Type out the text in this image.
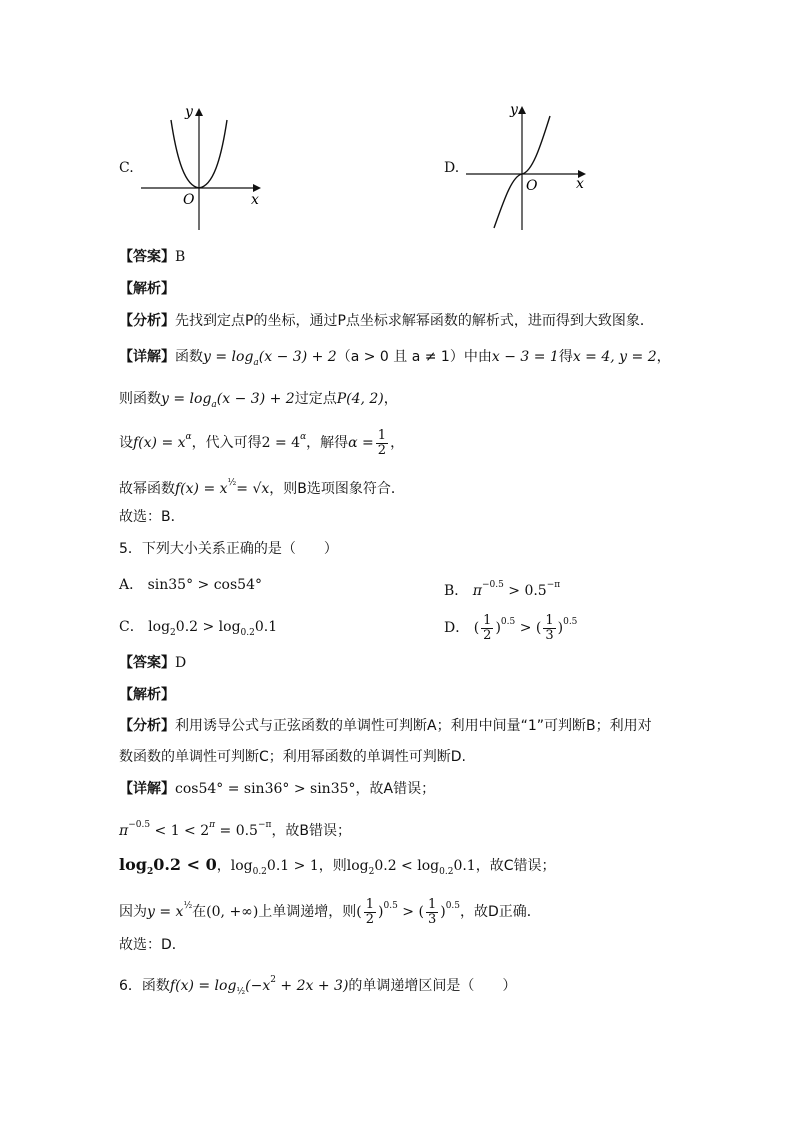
C.
y
x
O
D.
y
x
O
【答案】B
【解析】
【分析】先找到定点P的坐标，通过P点坐标求解幂函数的解析式，进而得到大致图象．
【详解】函数$y = \log_a(x - 3) + 2(a > 0$ 且 a ≠ 1）中由x − 3 = 1得x = 4, y = 2，
则函数$y = \log_a(x - 3) + 2$过定点P(4, 2)，
设$f(x) = x^\alpha$，代入可得$2 = 4^\alpha$，解得$\alpha = \frac{1}{2}$ ，
故幂函数$f(x) = x^{\frac{1}{2}}= √x$，则B选项图象符合．
故选：B．
5．下列大小关系正确的是（　　）
A． sin35° > cos54°	B． $\pi^{-0.5} > 0.5^{-\pi}$
C． $\log_20.2 > \log_{0.2}0.1$	D． ( $\frac{1}{2} )^{0.5}$ > ( $\frac{1}{3} )^{0.5}$
【答案】D
【解析】
【分析】利用诱导公式与正弦函数的单调性可判断A；利用中间量“1”可判断B；利用对
数函数的单调性可判断C；利用幂函数的单调性可判断D.
【详解】cos54° = sin36° > sin35°，故A错误；
$\pi^{-0.5} < 1 < 2^\pi = 0.5^{-\pi}$，故B错误；
$\log_20.2 < 0$，$\log_{0.2}0.1 > 1$，则$\log_20.2 < \log_{0.2}0.1$，故C错误；
因为$y = x^{\frac{1}{2}}$在(0, +∞)上单调递增，则( $\frac{1}{2} )^{0.5}$ > ( $\frac{1}{3} )^{0.5}$，故D正确．
故选：D．
6．函数$f(x) = \log_{\frac{1}{2}}(-x^2 + 2x + 3)$的单调递增区间是（　　）
